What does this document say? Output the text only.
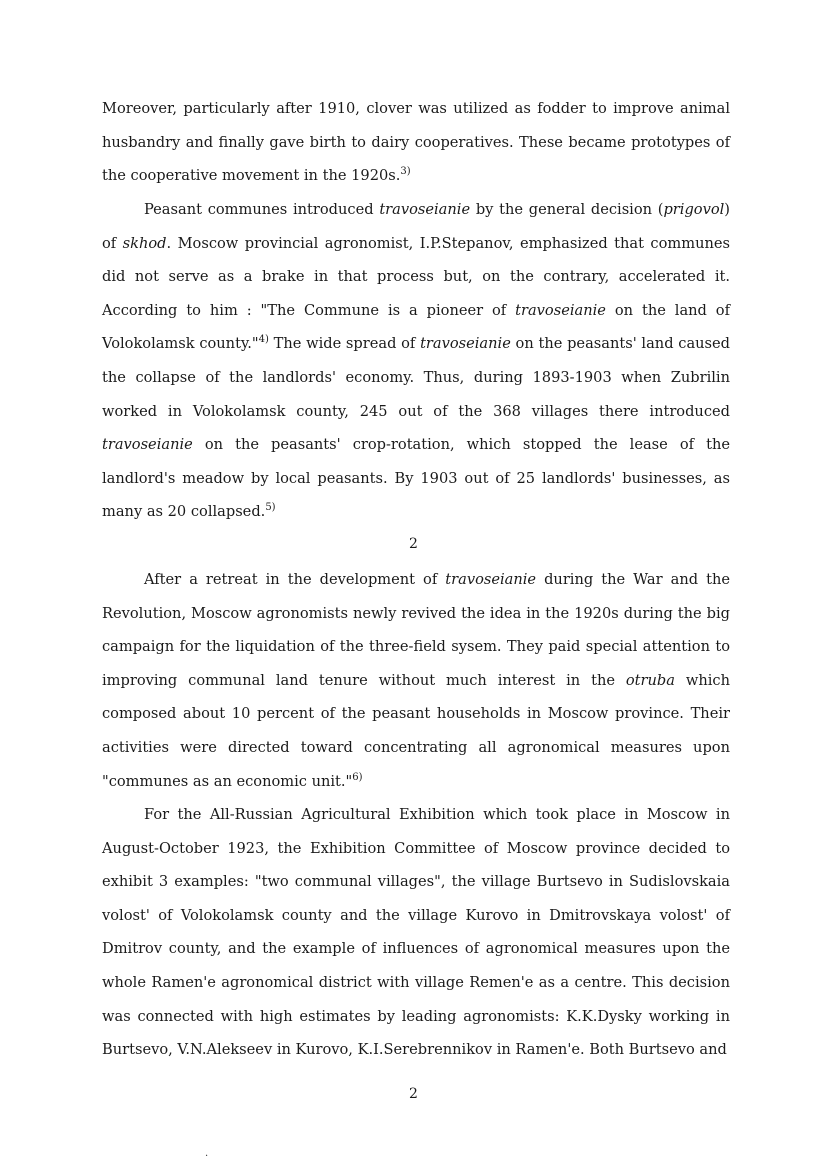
Moreover, particularly after 1910, clover was utilized as fodder to improve animal husbandry and finally gave birth to dairy cooperatives. These became prototypes of the cooperative movement in the 1920s.$^{3)}$

Peasant communes introduced travoseianie by the general decision (prigovol) of skhod. Moscow provincial agronomist, I.P.Stepanov, emphasized that communes did not serve as a brake in that process but, on the contrary, accelerated it. According to him : "The Commune is a pioneer of travoseianie on the land of Volokolamsk county."$^{4)}$ The wide spread of travoseianie on the peasants' land caused the collapse of the landlords' economy. Thus, during 1893-1903 when Zubrilin worked in Volokolamsk county, 245 out of the 368 villages there introduced travoseianie on the peasants' crop-rotation, which stopped the lease of the landlord's meadow by local peasants. By 1903 out of 25 landlords' businesses, as many as 20 collapsed.$^{5)}$

2

After a retreat in the development of travoseianie during the War and the Revolution, Moscow agronomists newly revived the idea in the 1920s during the big campaign for the liquidation of the three-field sysem. They paid special attention to improving communal land tenure without much interest in the otruba which composed about 10 percent of the peasant households in Moscow province. Their activities were directed toward concentrating all agronomical measures upon "communes as an economic unit."$^{6)}$

For the All-Russian Agricultural Exhibition which took place in Moscow in August-October 1923, the Exhibition Committee of Moscow province decided to exhibit 3 examples: "two communal villages", the village Burtsevo in Sudislovskaia volost' of Volokolamsk county and the village Kurovo in Dmitrovskaya volost' of Dmitrov county, and the example of influences of agronomical measures upon the whole Ramen'e agronomical district with village Remen'e as a centre. This decision was connected with high estimates by leading agronomists: K.K.Dysky working in Burtsevo, V.N.Alekseev in Kurovo, K.I.Serebrennikov in Ramen'e. Both Burtsevo and

2
.
